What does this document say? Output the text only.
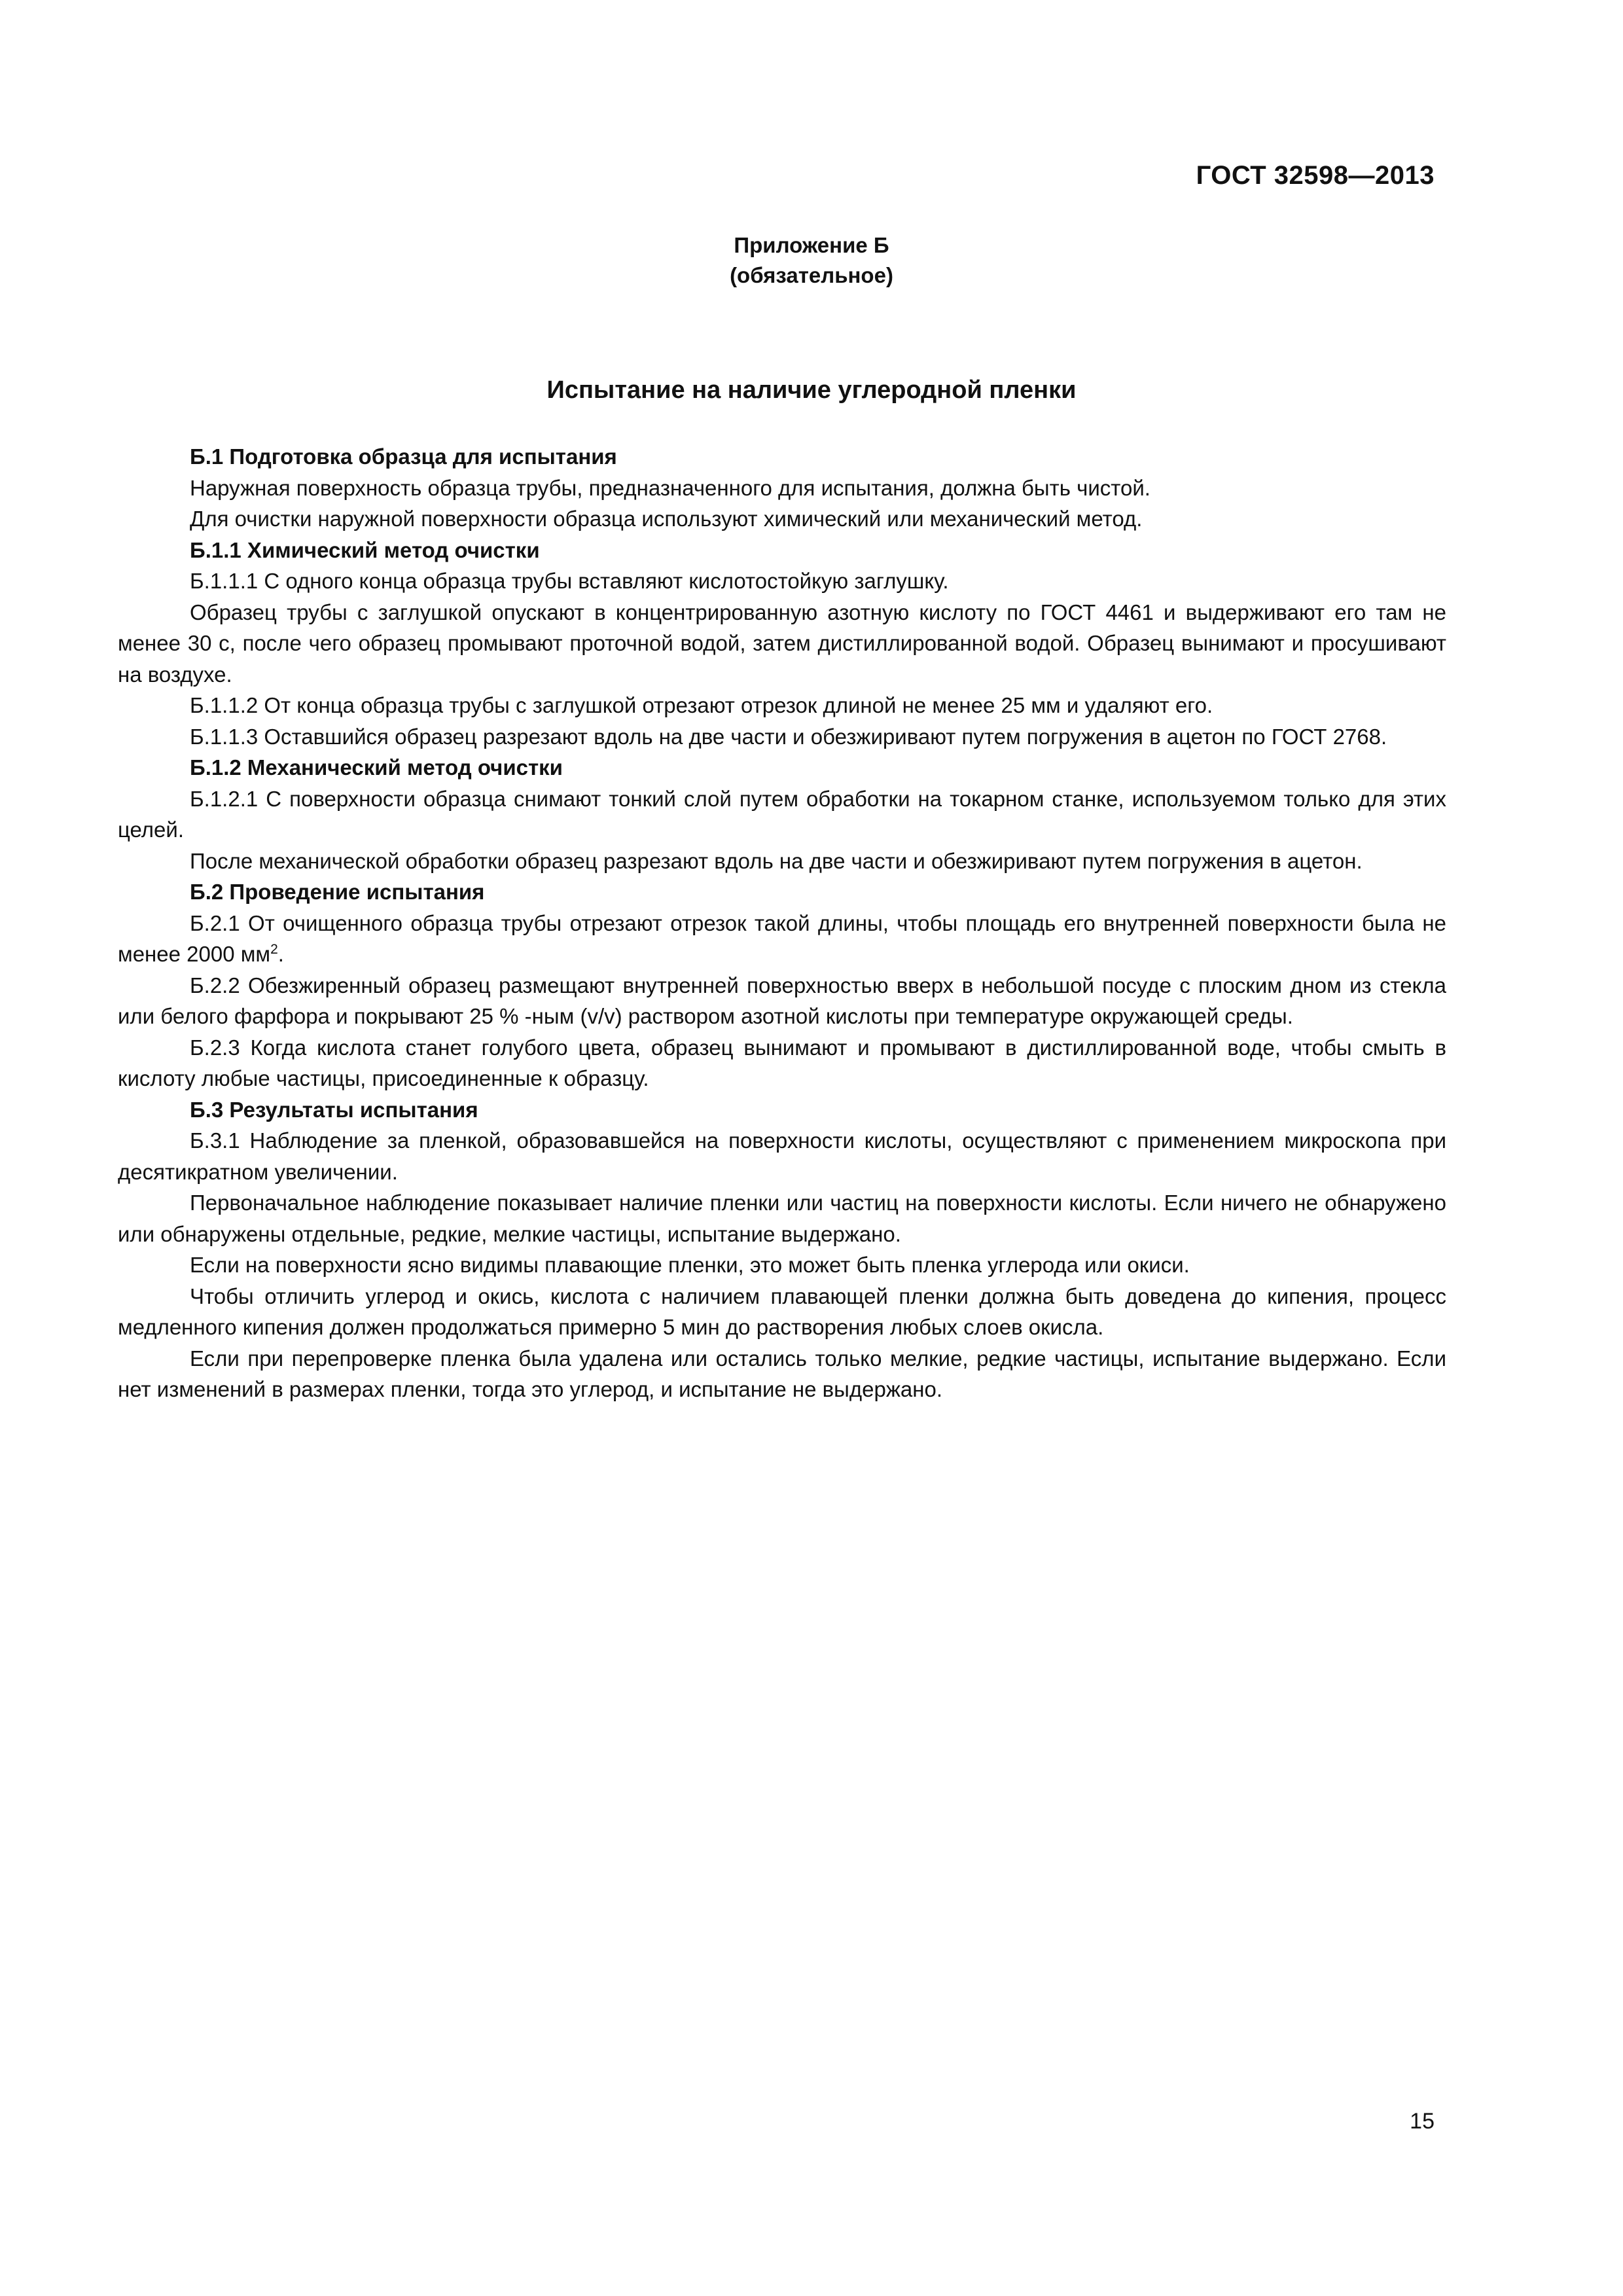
ГОСТ 32598—2013
Приложение Б
(обязательное)
Испытание на наличие углеродной пленки

Б.1 Подготовка образца для испытания

Наружная поверхность образца трубы, предназначенного для испытания, должна быть чистой.

Для очистки наружной поверхности образца используют химический или механический метод.

Б.1.1 Химический метод очистки

Б.1.1.1 С одного конца образца трубы вставляют кислотостойкую заглушку.

Образец трубы с заглушкой опускают в концентрированную азотную кислоту по ГОСТ 4461 и выдерживают его там не менее 30 с, после чего образец промывают проточной водой, затем дистиллированной водой. Образец вынимают и просушивают на воздухе.

Б.1.1.2 От конца образца трубы с заглушкой отрезают отрезок длиной не менее 25 мм и удаляют его.

Б.1.1.3 Оставшийся образец разрезают вдоль на две части и обезжиривают путем погружения в ацетон по ГОСТ 2768.

Б.1.2 Механический метод очистки

Б.1.2.1 С поверхности образца снимают тонкий слой путем обработки на токарном станке, используемом только для этих целей.

После механической обработки образец разрезают вдоль на две части и обезжиривают путем погружения в ацетон.

Б.2 Проведение испытания

Б.2.1 От очищенного образца трубы отрезают отрезок такой длины, чтобы площадь его внутренней поверхности была не менее 2000 $мм^2$.

Б.2.2 Обезжиренный образец размещают внутренней поверхностью вверх в небольшой посуде с плоским дном из стекла или белого фарфора и покрывают 25 % -ным (v/v) раствором азотной кислоты при температуре окружающей среды.

Б.2.3 Когда кислота станет голубого цвета, образец вынимают и промывают в дистиллированной воде, чтобы смыть в кислоту любые частицы, присоединенные к образцу.

Б.3 Результаты испытания

Б.3.1 Наблюдение за пленкой, образовавшейся на поверхности кислоты, осуществляют с применением микроскопа при десятикратном увеличении.

Первоначальное наблюдение показывает наличие пленки или частиц на поверхности кислоты. Если ничего не обнаружено или обнаружены отдельные, редкие, мелкие частицы, испытание выдержано.

Если на поверхности ясно видимы плавающие пленки, это может быть пленка углерода или окиси.

Чтобы отличить углерод и окись, кислота с наличием плавающей пленки должна быть доведена до кипения, процесс медленного кипения должен продолжаться примерно 5 мин до растворения любых слоев окисла.

Если при перепроверке пленка была удалена или остались только мелкие, редкие частицы, испытание выдержано. Если нет изменений в размерах пленки, тогда это углерод, и испытание не выдержано.

15
